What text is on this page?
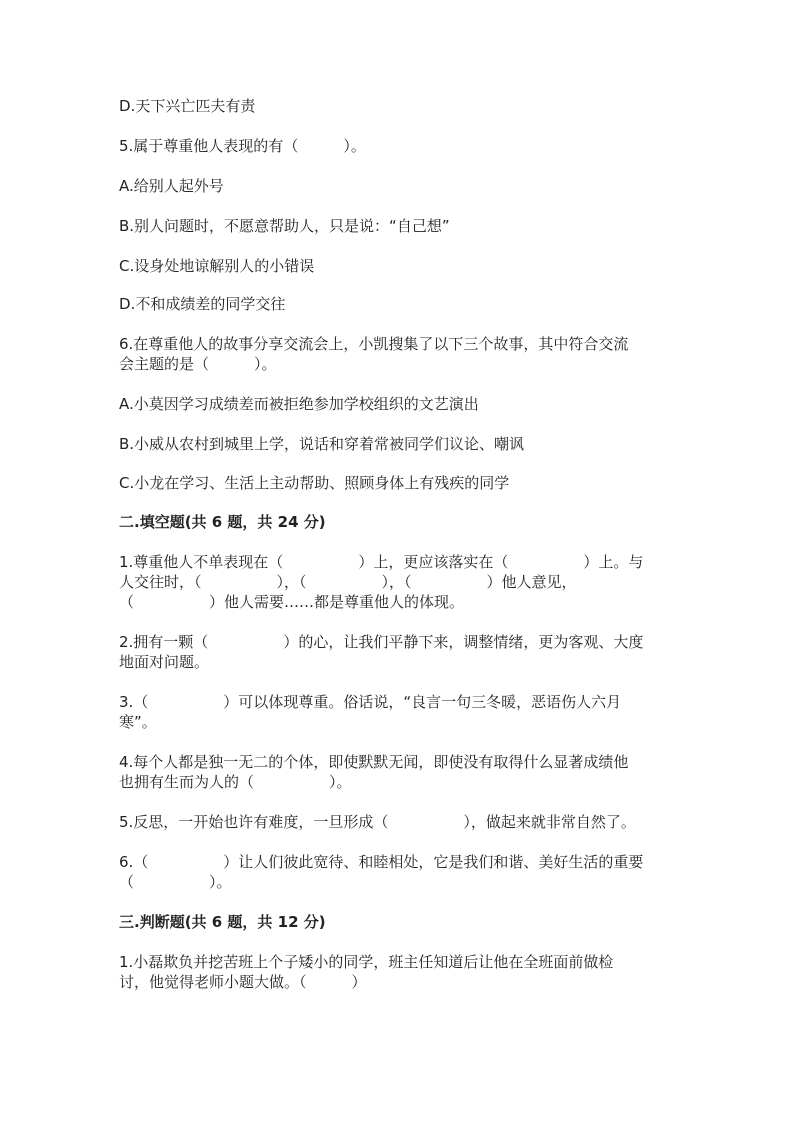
D.天下兴亡匹夫有责
5.属于尊重他人表现的有（　　　）。
A.给别人起外号
B.别人问题时，不愿意帮助人，只是说：“自己想”
C.设身处地谅解别人的小错误
D.不和成绩差的同学交往
6.在尊重他人的故事分享交流会上，小凯搜集了以下三个故事，其中符合交流
会主题的是（　　　）。
A.小莫因学习成绩差而被拒绝参加学校组织的文艺演出
B.小威从农村到城里上学，说话和穿着常被同学们议论、嘲讽
C.小龙在学习、生活上主动帮助、照顾身体上有残疾的同学
二.填空题(共 6 题，共 24 分)
1.尊重他人不单表现在（　　　　　）上，更应该落实在（　　　　　）上。与
人交往时，（　　　　　），（　　　　　），（　　　　　）他人意见，
（　　　　　）他人需要……都是尊重他人的体现。
2.拥有一颗（　　　　　）的心，让我们平静下来，调整情绪，更为客观、大度
地面对问题。
3.（　　　　　）可以体现尊重。俗话说，“良言一句三冬暖，恶语伤人六月
寒”。
4.每个人都是独一无二的个体，即使默默无闻，即使没有取得什么显著成绩他
也拥有生而为人的（　　　　　）。
5.反思，一开始也许有难度，一旦形成（　　　　　），做起来就非常自然了。
6.（　　　　　）让人们彼此宽待、和睦相处，它是我们和谐、美好生活的重要
（　　　　　）。
三.判断题(共 6 题，共 12 分)
1.小磊欺负并挖苦班上个子矮小的同学，班主任知道后让他在全班面前做检
讨，他觉得老师小题大做。（　　　）
